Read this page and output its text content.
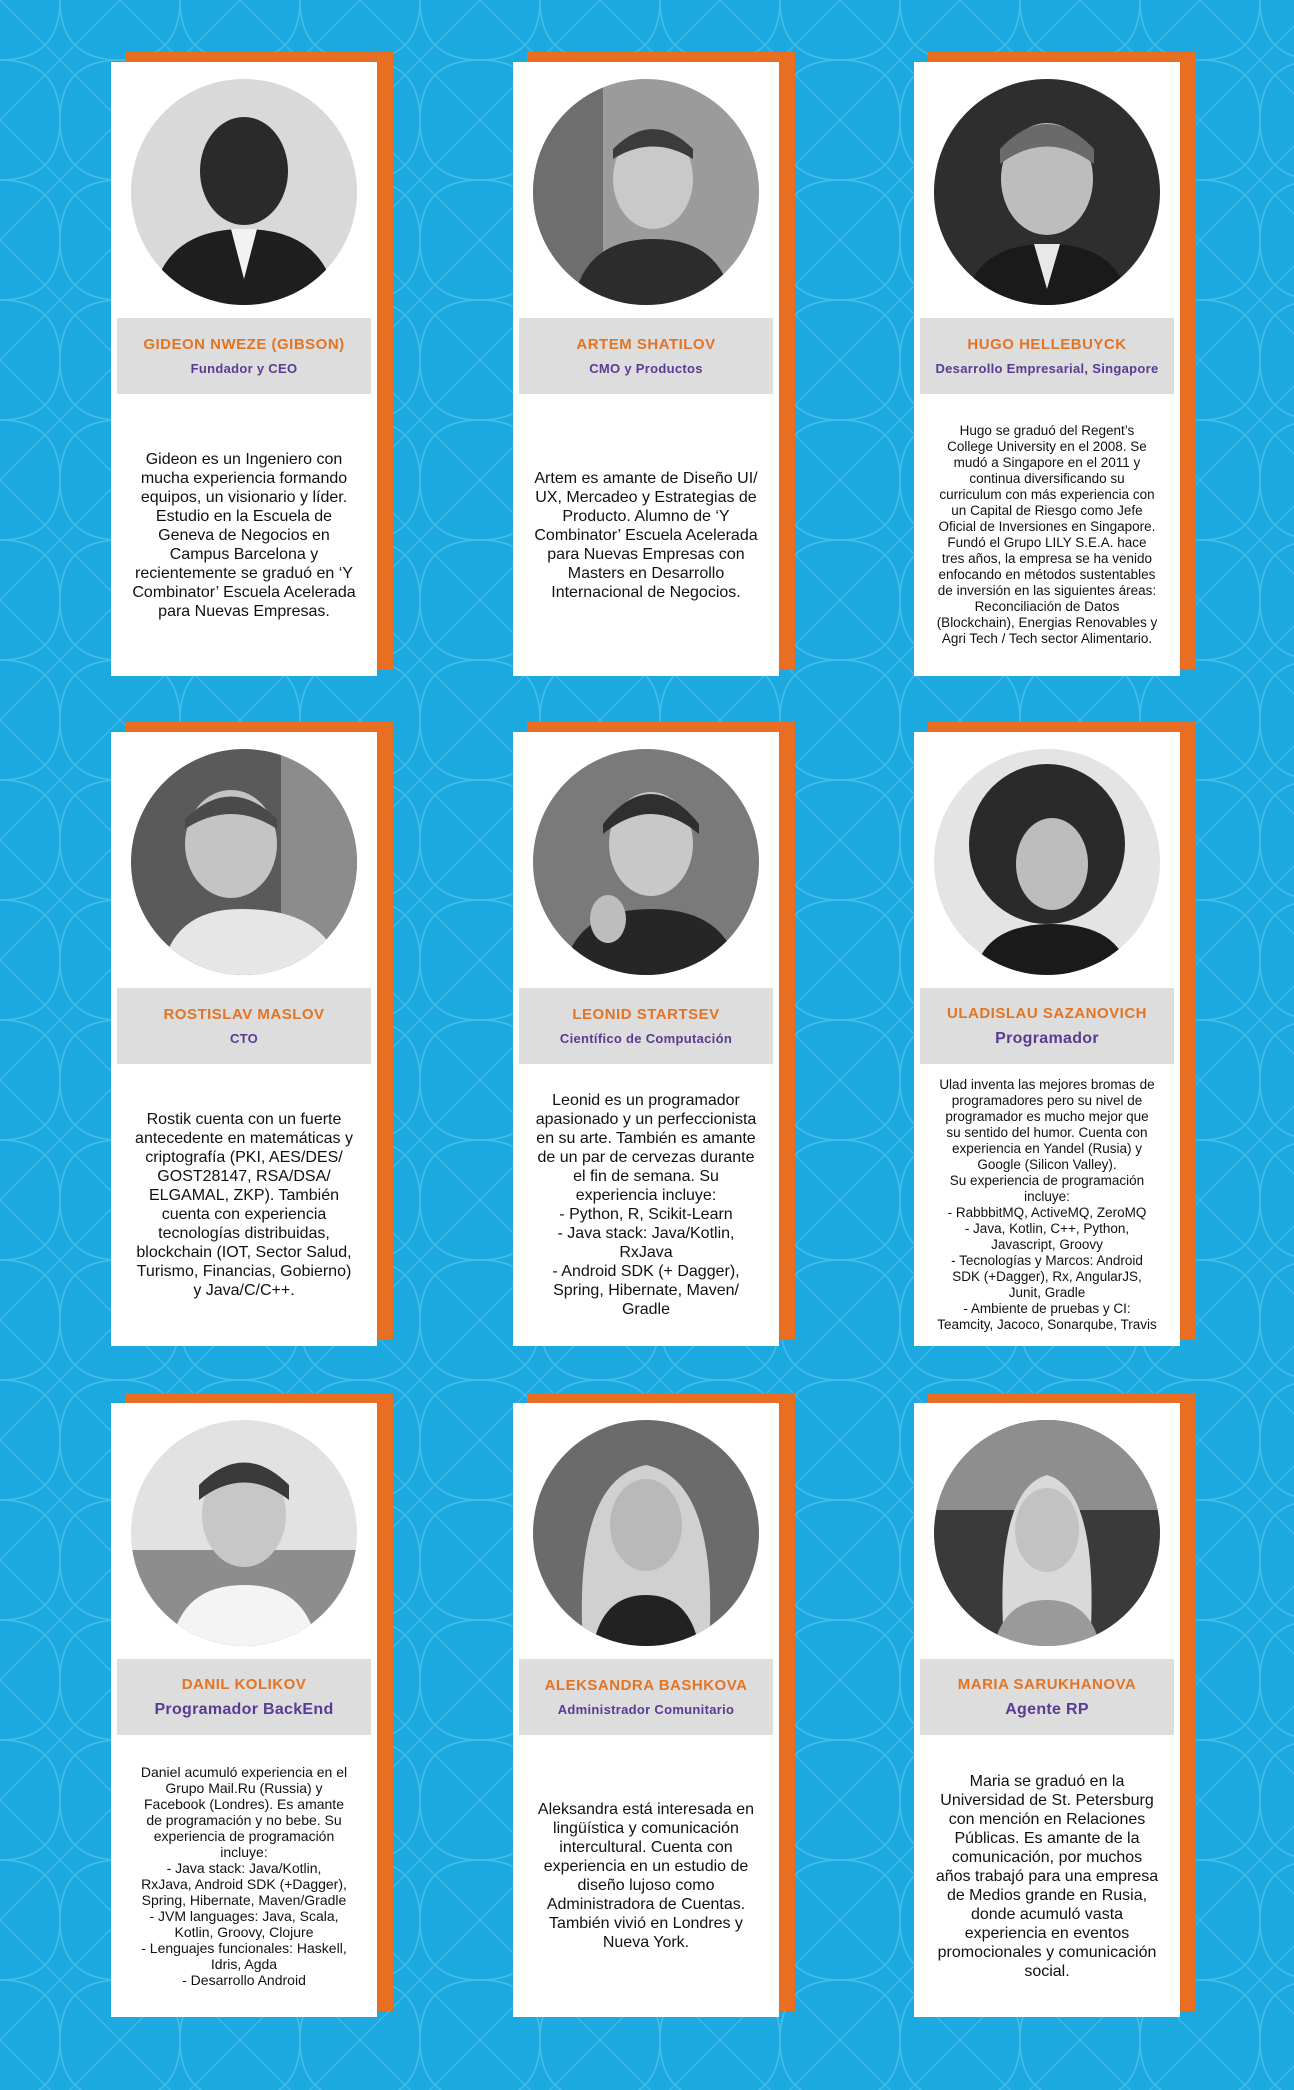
GIDEON NWEZE (GIBSON)
Fundador y CEO

Gideon es un Ingeniero con
mucha experiencia formando
equipos, un visionario y líder.
Estudio en la Escuela de
Geneva de Negocios en
Campus Barcelona y
recientemente se graduó en ‘Y
Combinator’ Escuela Acelerada
para Nuevas Empresas.

ARTEM SHATILOV
CMO y Productos

Artem es amante de Diseño UI/
UX, Mercadeo y Estrategias de
Producto. Alumno de ‘Y
Combinator’ Escuela Acelerada
para Nuevas Empresas con
Masters en Desarrollo
Internacional de Negocios.

HUGO HELLEBUYCK
Desarrollo Empresarial, Singapore

Hugo se graduó del Regent’s
College University en el 2008. Se
mudó a Singapore en el 2011 y
continua diversificando su
curriculum con más experiencia con
un Capital de Riesgo como Jefe
Oficial de Inversiones en Singapore.
Fundó el Grupo LILY S.E.A. hace
tres años, la empresa se ha venido
enfocando en métodos sustentables
de inversión en las siguientes áreas:
Reconciliación de Datos
(Blockchain), Energias Renovables y
Agri Tech / Tech sector Alimentario.

ROSTISLAV MASLOV
CTO

Rostik cuenta con un fuerte
antecedente en matemáticas y
criptografía (PKI, AES/DES/
GOST28147, RSA/DSA/
ELGAMAL, ZKP). También
cuenta con experiencia
tecnologías distribuidas,
blockchain (IOT, Sector Salud,
Turismo, Financias, Gobierno)
y Java/C/C++.

LEONID STARTSEV
Científico de Computación

Leonid es un programador
apasionado y un perfeccionista
en su arte. También es amante
de un par de cervezas durante
el fin de semana. Su
experiencia incluye:
- Python, R, Scikit-Learn
- Java stack: Java/Kotlin,
RxJava
- Android SDK (+ Dagger),
Spring, Hibernate, Maven/
Gradle

ULADISLAU SAZANOVICH
Programador

Ulad inventa las mejores bromas de
programadores pero su nivel de
programador es mucho mejor que
su sentido del humor. Cuenta con
experiencia en Yandel (Rusia) y
Google (Silicon Valley).
Su experiencia de programación
incluye:
- RabbbitMQ, ActiveMQ, ZeroMQ
- Java, Kotlin, C++, Python,
Javascript, Groovy
- Tecnologías y Marcos: Android
SDK (+Dagger), Rx, AngularJS,
Junit, Gradle
- Ambiente de pruebas y CI:
Teamcity, Jacoco, Sonarqube, Travis

DANIL KOLIKOV
Programador BackEnd

Daniel acumuló experiencia en el
Grupo Mail.Ru (Russia) y
Facebook (Londres). Es amante
de programación y no bebe. Su
experiencia de programación
incluye:
- Java stack: Java/Kotlin,
RxJava, Android SDK (+Dagger),
Spring, Hibernate, Maven/Gradle
- JVM languages: Java, Scala,
Kotlin, Groovy, Clojure
- Lenguajes funcionales: Haskell,
Idris, Agda
- Desarrollo Android

ALEKSANDRA BASHKOVA
Administrador Comunitario

Aleksandra está interesada en
lingüística y comunicación
intercultural. Cuenta con
experiencia en un estudio de
diseño lujoso como
Administradora de Cuentas.
También vivió en Londres y
Nueva York.

MARIA SARUKHANOVA
Agente RP

Maria se graduó en la
Universidad de St. Petersburg
con mención en Relaciones
Públicas. Es amante de la
comunicación, por muchos
años trabajó para una empresa
de Medios grande en Rusia,
donde acumuló vasta
experiencia en eventos
promocionales y comunicación
social.
